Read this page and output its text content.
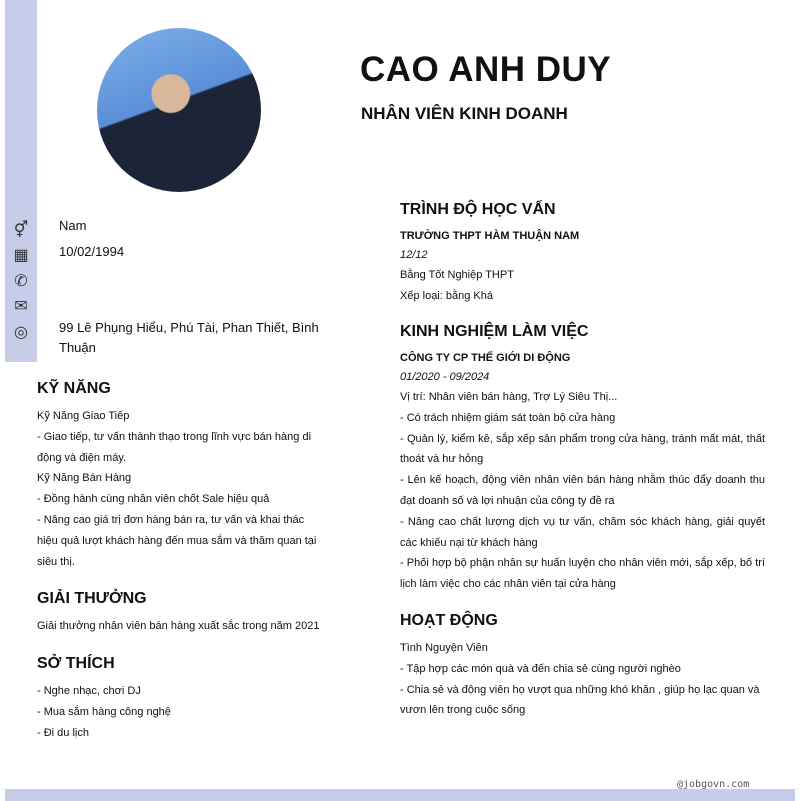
CAO ANH DUY
NHÂN VIÊN KINH DOANH
⚥
▦
✆
✉
◎
Nam
10/02/1994
99 Lê Phụng Hiểu, Phú Tài, Phan Thiết, Bình Thuận
KỸ NĂNG
Kỹ Năng Giao Tiếp
- Giao tiếp, tư vấn thành thạo trong lĩnh vực bán hàng di động và điện máy.
Kỹ Năng Bán Hàng
- Đồng hành cùng nhân viên chốt Sale hiệu quả
- Nâng cao giá trị đơn hàng bán ra, tư vấn và khai thác hiệu quả lượt khách hàng đến mua sắm và thăm quan tại siêu thị.
GIẢI THƯỞNG
Giải thưởng nhân viên bán hàng xuất sắc trong năm 2021
SỞ THÍCH
- Nghe nhạc, chơi DJ
- Mua sắm hàng công nghệ
- Đi du lịch
TRÌNH ĐỘ HỌC VẤN
TRƯỜNG THPT HÀM THUẬN NAM
12/12
Bằng Tốt Nghiệp THPT
Xếp loại: bằng Khá
KINH NGHIỆM LÀM VIỆC
CÔNG TY CP THẾ GIỚI DI ĐỘNG
01/2020 - 09/2024
Vị trí: Nhân viên bán hàng, Trợ Lý Siêu Thị...
- Có trách nhiệm giám sát toàn bộ cửa hàng
- Quản lý, kiểm kê, sắp xếp sản phẩm trong cửa hàng, tránh mất mát, thất thoát và hư hỏng
- Lên kế hoạch, động viên nhân viên bán hàng nhằm thúc đẩy doanh thu đạt doanh số và lợi nhuận của công ty đề ra
- Nâng cao chất lượng dịch vụ tư vấn, chăm sóc khách hàng, giải quyết các khiếu nại từ khách hàng
- Phối hợp bộ phận nhân sự huấn luyện cho nhân viên mới, sắp xếp, bố trí lịch làm việc cho các nhân viên tại cửa hàng
HOẠT ĐỘNG
Tình Nguyện Viên
- Tập hợp các món quà và đến chia sẻ cùng người nghèo
- Chia sẻ và động viên họ vượt qua những khó khăn , giúp họ lạc quan và vươn lên trong cuộc sống
@jobgovn.com
